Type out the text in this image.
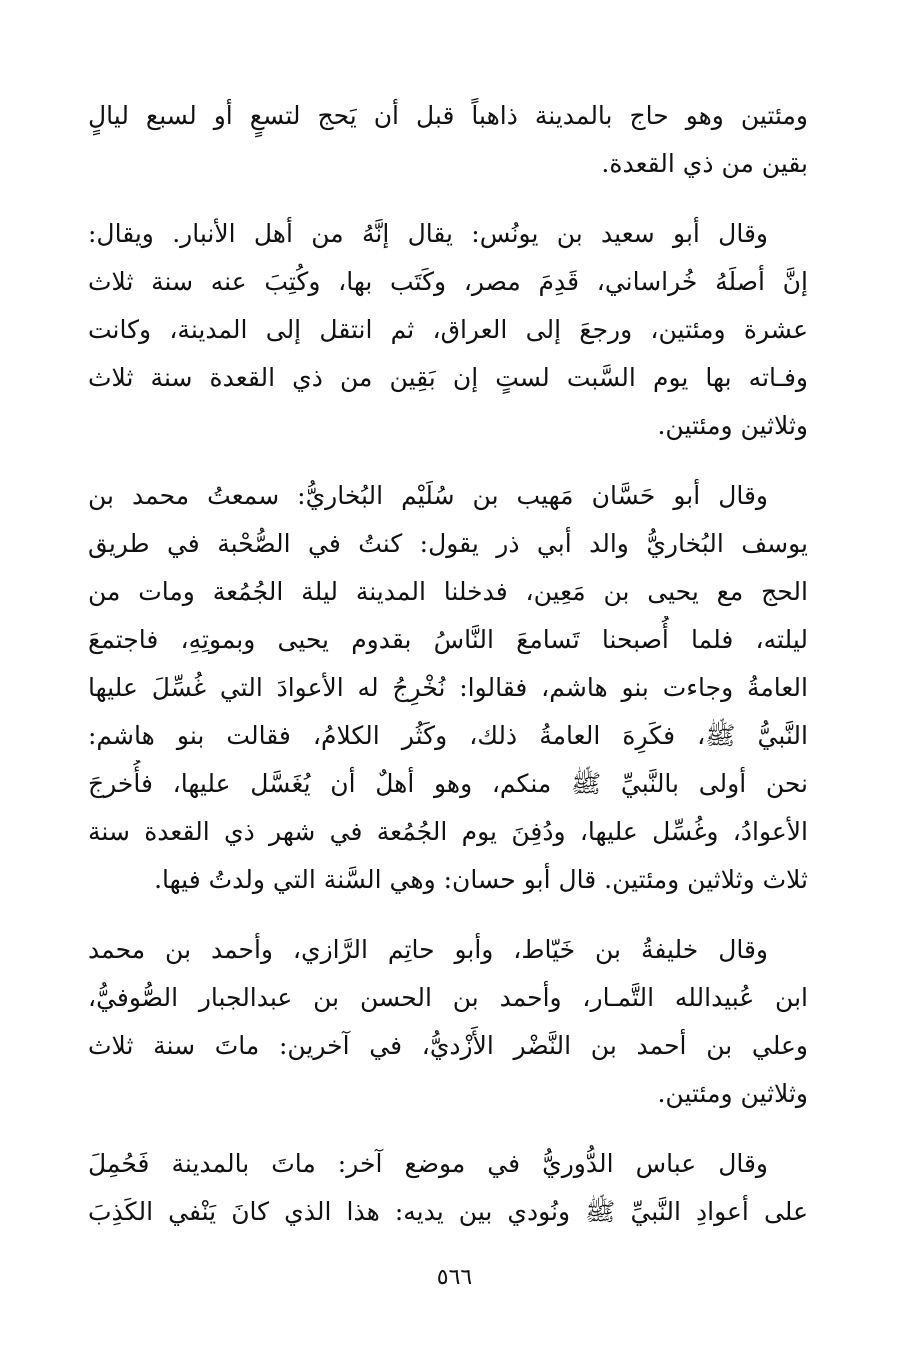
ومئتين وهو حاج بالمدينة ذاهباً قبل أن يَحج لتسعٍ أو لسبع ليالٍ
بقين من ذي القعدة.
وقال أبو سعيد بن يونُس: يقال إنَّهُ من أهل الأنبار. ويقال:
إنَّ أصلَهُ خُراساني، قَدِمَ مصر، وكَتَب بها، وكُتِبَ عنه سنة ثلاث
عشرة ومئتين، ورجعَ إلى العراق، ثم انتقل إلى المدينة، وكانت
وفـاته بها يوم السَّبت لستٍ إن بَقِين من ذي القعدة سنة ثلاث
وثلاثين ومئتين.
وقال أبو حَسَّان مَهيب بن سُلَيْم البُخاريُّ: سمعتُ محمد بن
يوسف البُخاريُّ والد أبي ذر يقول: كنتُ في الصُّحْبة في طريق
الحج مع يحيى بن مَعِين، فدخلنا المدينة ليلة الجُمُعة ومات من
ليلته، فلما أُصبحنا تَسامعَ النَّاسُ بقدوم يحيى وبموتِهِ، فاجتمعَ
العامةُ وجاءت بنو هاشم، فقالوا: نُخْرِجُ له الأعوادَ التي غُسِّلَ عليها
النَّبيُّ ﷺ، فكَرِهَ العامةُ ذلك، وكَثُر الكلامُ، فقالت بنو هاشم:
نحن أولى بالنَّبيِّ ﷺ منكم، وهو أهلٌ أن يُغَسَّل عليها، فأُخرجَ
الأعوادُ، وغُسِّل عليها، ودُفِنَ يوم الجُمُعة في شهر ذي القعدة سنة
ثلاث وثلاثين ومئتين. قال أبو حسان: وهي السَّنة التي ولدتُ فيها.
وقال خليفةُ بن خَيّاط، وأبو حاتِم الرَّازي، وأحمد بن محمد
ابن عُبيدالله التَّمـار، وأحمد بن الحسن بن عبدالجبار الصُّوفيُّ،
وعلي بن أحمد بن النَّضْر الأَزْديُّ، في آخرين: ماتَ سنة ثلاث
وثلاثين ومئتين.
وقال عباس الدُّوريُّ في موضع آخر: ماتَ بالمدينة فَحُمِلَ
على أعوادِ النَّبيِّ ﷺ ونُودي بين يديه: هذا الذي كانَ يَنْفي الكَذِبَ
٥٦٦
